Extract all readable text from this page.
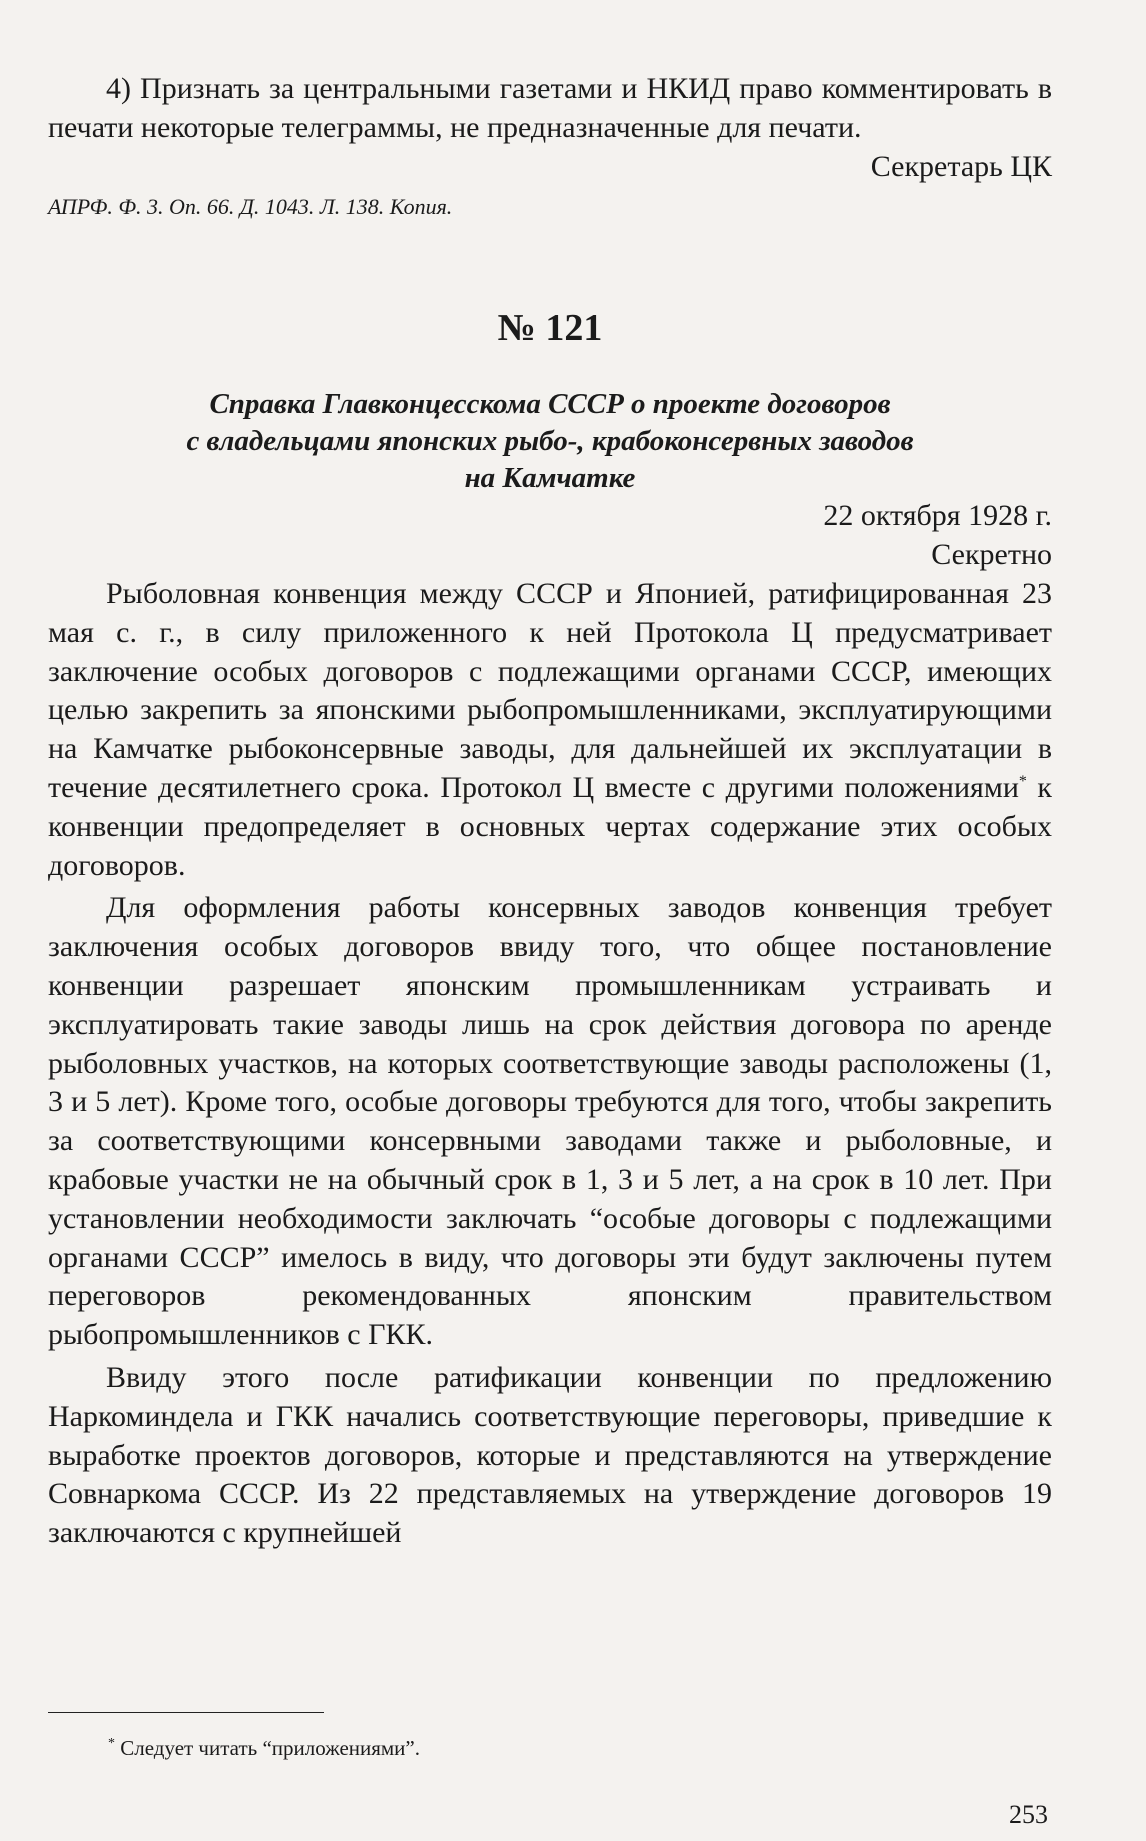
4) Признать за центральными газетами и НКИД право комментировать в печати некоторые телеграммы, не предназначенные для печати.

Секретарь ЦК

АПРФ. Ф. 3. Оп. 66. Д. 1043. Л. 138. Копия.

№ 121
Справка Главконцесскома СССР о проекте договоров
с владельцами японских рыбо-, крабоконсервных заводов
на Камчатке

22 октября 1928 г.

Секретно

Рыболовная конвенция между СССР и Японией, ратифицированная 23 мая с. г., в силу приложенного к ней Протокола Ц предусматривает заключение особых договоров с подлежащими органами СССР, имеющих целью закрепить за японскими рыбопромышленниками, эксплуатирующими на Камчатке рыбоконсервные заводы, для дальнейшей их эксплуатации в течение десятилетнего срока. Протокол Ц вместе с другими положениями* к конвенции предопределяет в основных чертах содержание этих особых договоров.

Для оформления работы консервных заводов конвенция требует заключения особых договоров ввиду того, что общее постановление конвенции разрешает японским промышленникам устраивать и эксплуатировать такие заводы лишь на срок действия договора по аренде рыболовных участков, на которых соответствующие заводы расположены (1, 3 и 5 лет). Кроме того, особые договоры требуются для того, чтобы закрепить за соответствующими консервными заводами также и рыболовные, и крабовые участки не на обычный срок в 1, 3 и 5 лет, а на срок в 10 лет. При установлении необходимости заключать “особые договоры с подлежащими органами СССР” имелось в виду, что договоры эти будут заключены путем переговоров рекомендованных японским правительством рыбопромышленников с ГКК.

Ввиду этого после ратификации конвенции по предложению Наркоминдела и ГКК начались соответствующие переговоры, приведшие к выработке проектов договоров, которые и представляются на утверждение Совнаркома СССР. Из 22 представляемых на утверждение договоров 19 заключаются с крупнейшей

* Следует читать “приложениями”.

253
